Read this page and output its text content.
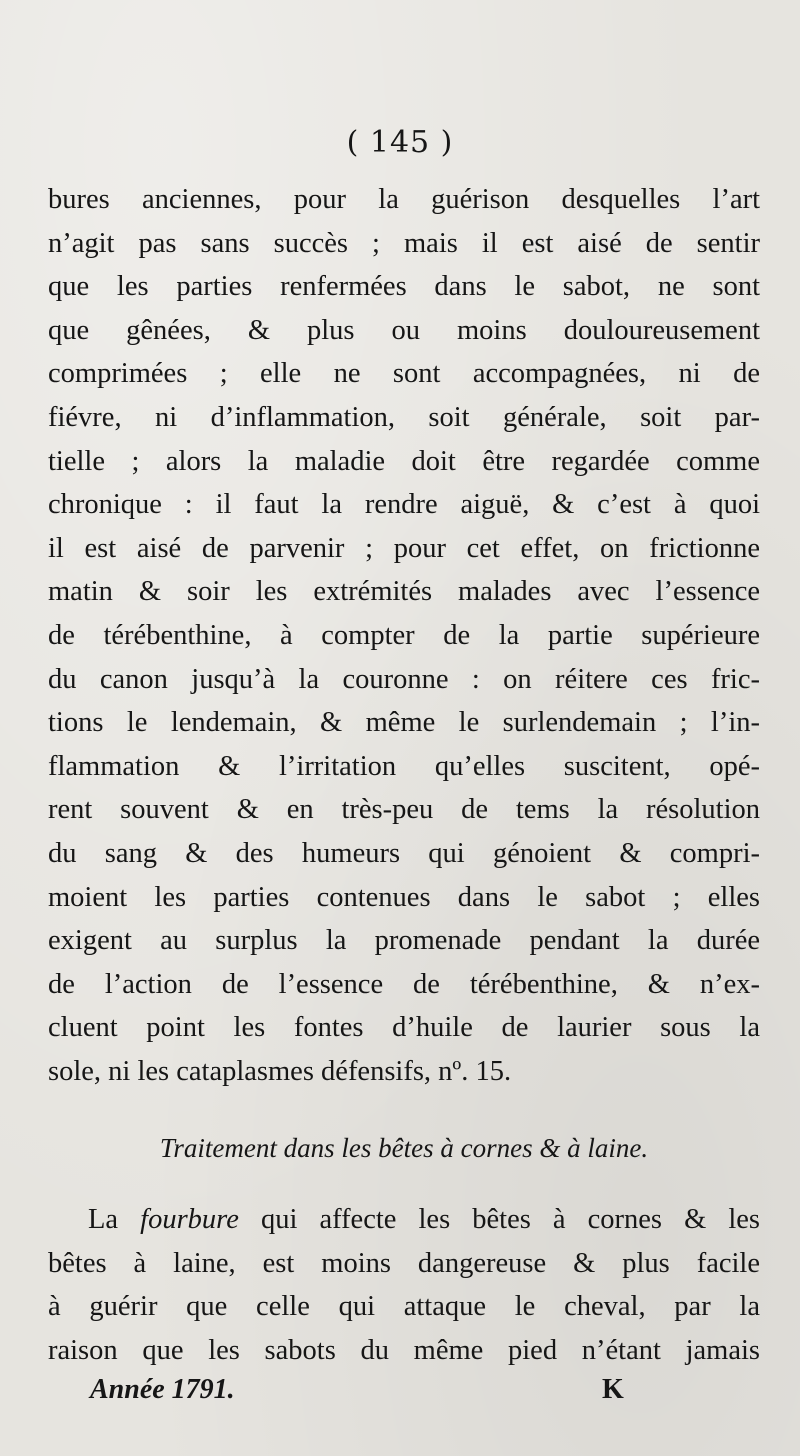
( 145 )
bures anciennes, pour la guérison desquelles l’art
n’agit pas sans succès ; mais il est aisé de sentir
que les parties renfermées dans le sabot, ne sont
que gênées, & plus ou moins douloureusement
comprimées ; elle ne sont accompagnées, ni de
fiévre, ni d’inflammation, soit générale, soit par-
tielle ; alors la maladie doit être regardée comme
chronique : il faut la rendre aiguë, & c’est à quoi
il est aisé de parvenir ; pour cet effet, on frictionne
matin & soir les extrémités malades avec l’essence
de térébenthine, à compter de la partie supérieure
du canon jusqu’à la couronne : on réitere ces fric-
tions le lendemain, & même le surlendemain ; l’in-
flammation & l’irritation qu’elles suscitent, opé-
rent souvent & en très-peu de tems la résolution
du sang & des humeurs qui génoient & compri-
moient les parties contenues dans le sabot ; elles
exigent au surplus la promenade pendant la durée
de l’action de l’essence de térébenthine, & n’ex-
cluent point les fontes d’huile de laurier sous la
sole, ni les cataplasmes défensifs, nº. 15.
Traitement dans les bêtes à cornes & à laine.
La fourbure qui affecte les bêtes à cornes & les
bêtes à laine, est moins dangereuse & plus facile
à guérir que celle qui attaque le cheval, par la
raison que les sabots du même pied n’étant jamais
Année 1791.	K
